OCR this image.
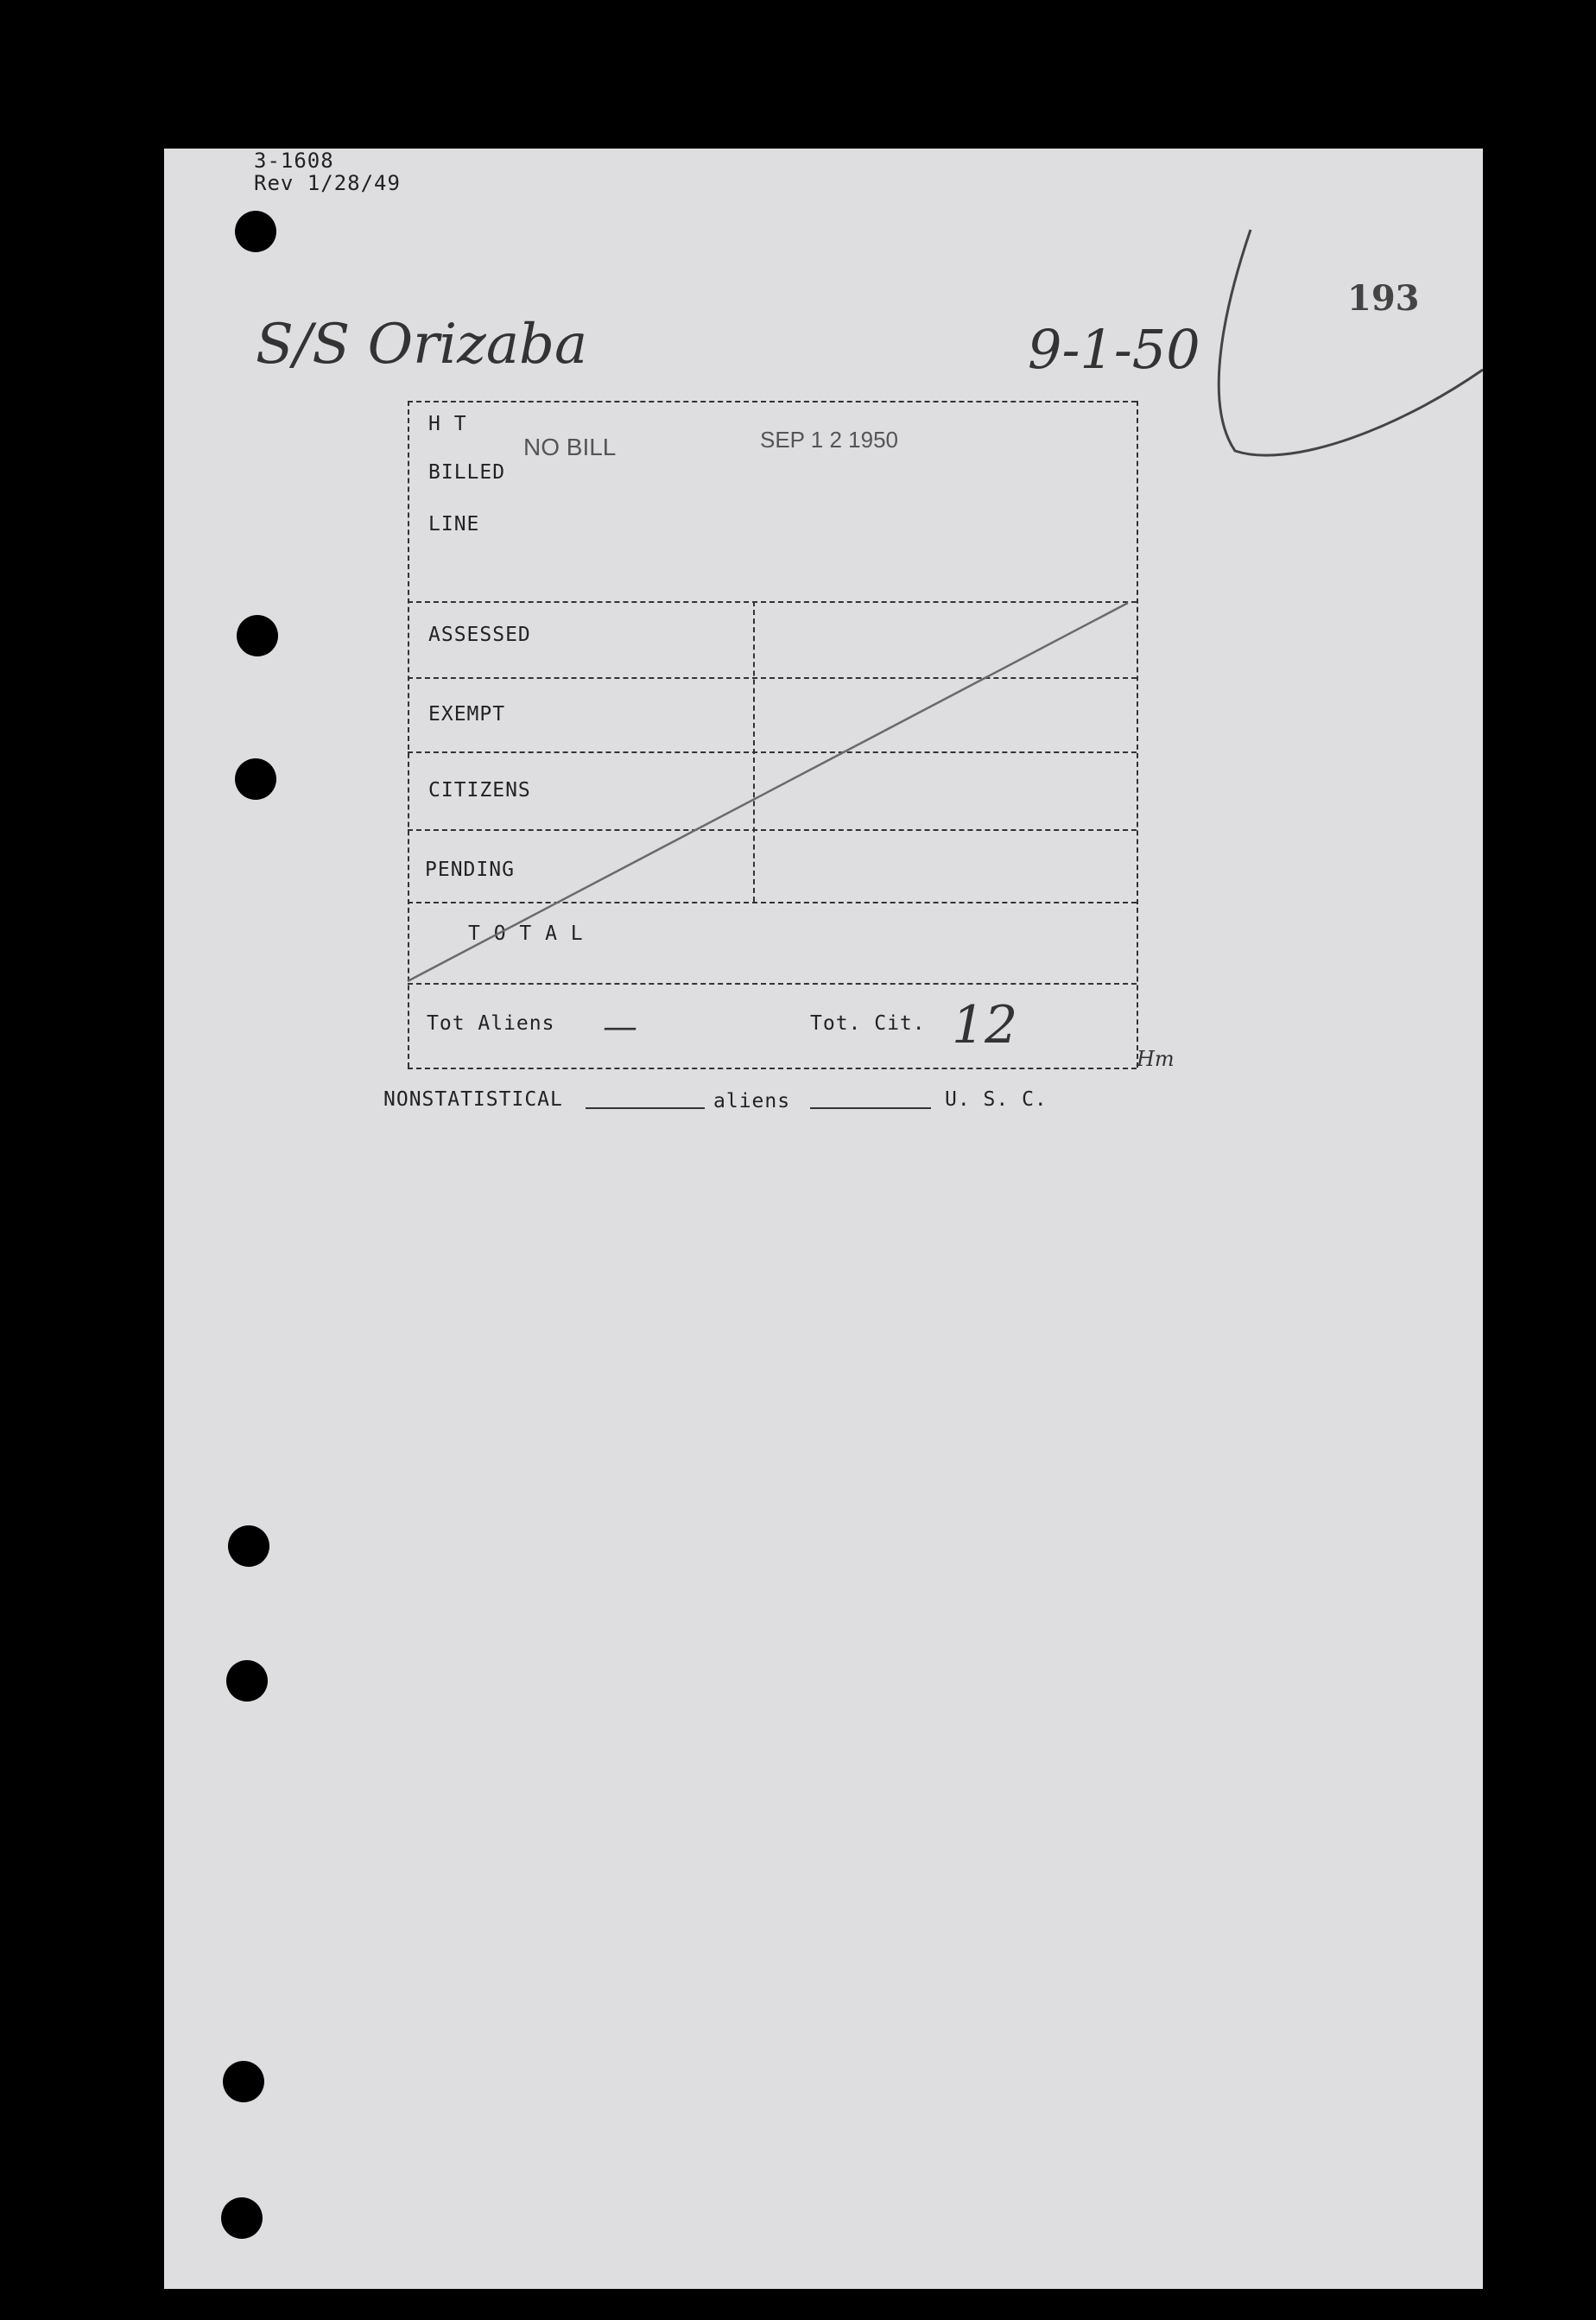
3-1608
Rev 1/28/49
193
S/S Orizaba	9-1-50
H T
BILLED
LINE
NO BILL	SEP 1 2 1950
ASSESSED
EXEMPT
CITIZENS
PENDING
T O T A L
Tot Aliens —	Tot. Cit. 12
Hm
NONSTATISTICAL	aliens	U. S. C.
